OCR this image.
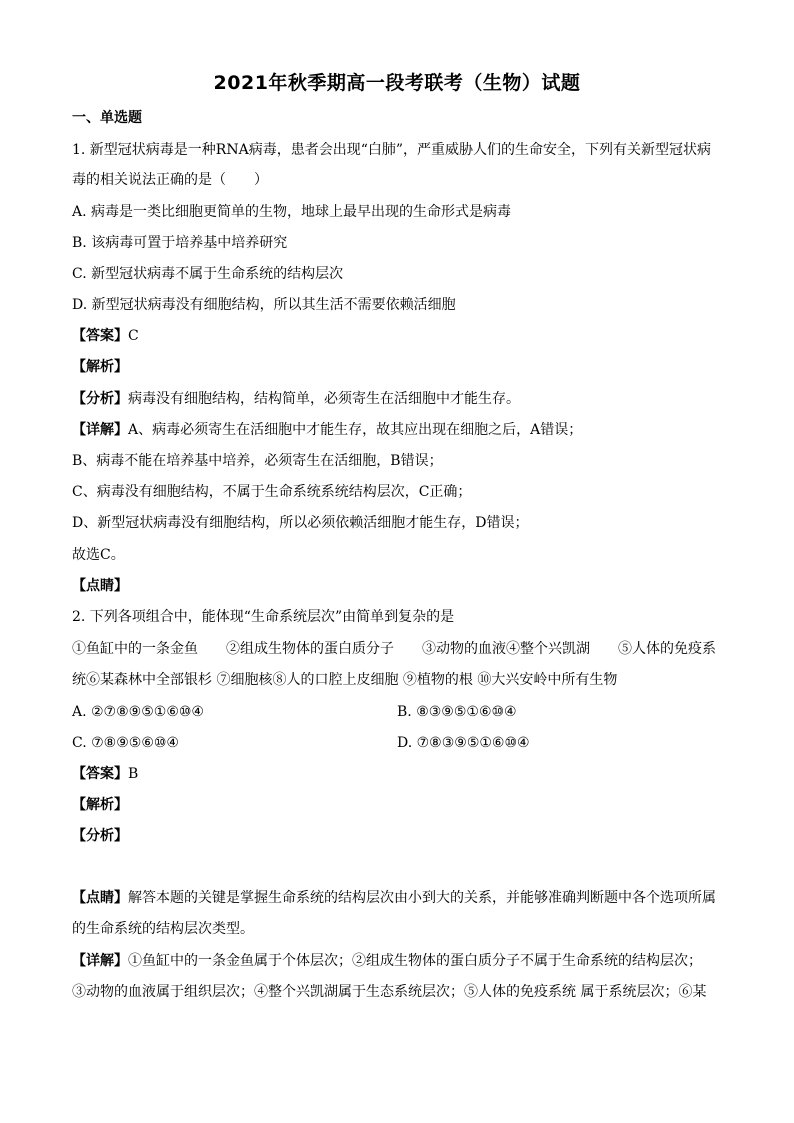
2021年秋季期高一段考联考（生物）试题
一、单选题
1. 新型冠状病毒是一种RNA病毒，患者会出现“白肺”，严重威胁人们的生命安全，下列有关新型冠状病
毒的相关说法正确的是（　　）
A. 病毒是一类比细胞更简单的生物，地球上最早出现的生命形式是病毒
B. 该病毒可置于培养基中培养研究
C. 新型冠状病毒不属于生命系统的结构层次
D. 新型冠状病毒没有细胞结构，所以其生活不需要依赖活细胞
【答案】C
【解析】
【分析】病毒没有细胞结构，结构简单，必须寄生在活细胞中才能生存。
【详解】A、病毒必须寄生在活细胞中才能生存，故其应出现在细胞之后，A错误；
B、病毒不能在培养基中培养，必须寄生在活细胞，B错误；
C、病毒没有细胞结构，不属于生命系统系统结构层次，C正确；
D、新型冠状病毒没有细胞结构，所以必须依赖活细胞才能生存，D错误；
故选C。
【点睛】
2. 下列各项组合中，能体现“生命系统层次”由简单到复杂的是
①鱼缸中的一条金鱼　　②组成生物体的蛋白质分子　　③动物的血液④整个兴凯湖　　⑤人体的免疫系
统⑥某森林中全部银杉 ⑦细胞核⑧人的口腔上皮细胞 ⑨植物的根 ⑩大兴安岭中所有生物
A. ②⑦⑧⑨⑤①⑥⑩④	B. ⑧③⑨⑤①⑥⑩④
C. ⑦⑧⑨⑤⑥⑩④	D. ⑦⑧③⑨⑤①⑥⑩④
【答案】B
【解析】
【分析】
【点睛】解答本题的关键是掌握生命系统的结构层次由小到大的关系，并能够准确判断题中各个选项所属
的生命系统的结构层次类型。
【详解】①鱼缸中的一条金鱼属于个体层次；②组成生物体的蛋白质分子不属于生命系统的结构层次；
③动物的血液属于组织层次；④整个兴凯湖属于生态系统层次；⑤人体的免疫系统 属于系统层次；⑥某
